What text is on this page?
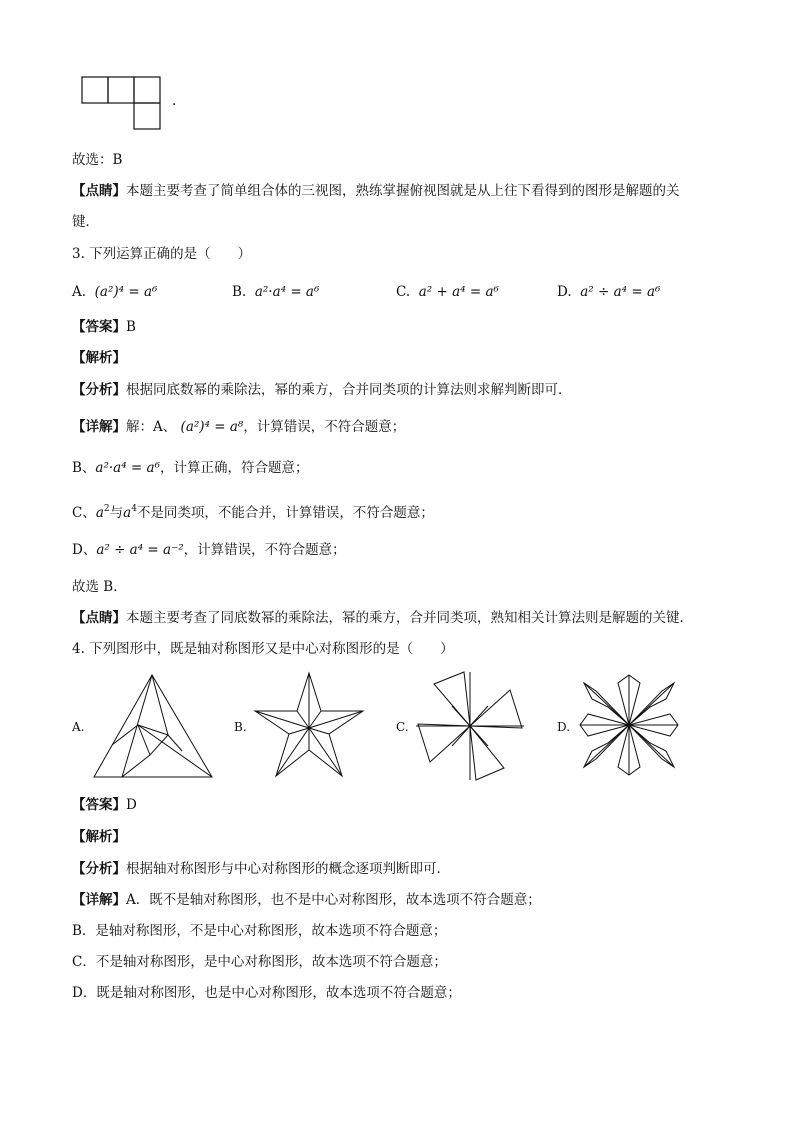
.
故选：B
【点睛】本题主要考查了简单组合体的三视图，熟练掌握俯视图就是从上往下看得到的图形是解题的关
键．
3. 下列运算正确的是（　　）
A. (a²)⁴ = a⁶	B. a²·a⁴ = a⁶	C. a² + a⁴ = a⁶	D. a² ÷ a⁴ = a⁶
【答案】B
【解析】
【分析】根据同底数幂的乘除法，幂的乘方，合并同类项的计算法则求解判断即可．
【详解】解：A、 (a²)⁴ = a⁸，计算错误，不符合题意；
B、a²·a⁴ = a⁶，计算正确，符合题意；
C、$a^2$与$a^4$不是同类项，不能合并，计算错误，不符合题意；
D、a² ÷ a⁴ = a⁻²，计算错误，不符合题意；
故选 B．
【点睛】本题主要考查了同底数幂的乘除法，幂的乘方，合并同类项，熟知相关计算法则是解题的关键．
4. 下列图形中，既是轴对称图形又是中心对称图形的是（　　）
A.	B.	C.	D.
【答案】D
【解析】
【分析】根据轴对称图形与中心对称图形的概念逐项判断即可．
【详解】A．既不是轴对称图形，也不是中心对称图形，故本选项不符合题意；
B．是轴对称图形，不是中心对称图形，故本选项不符合题意；
C．不是轴对称图形，是中心对称图形，故本选项不符合题意；
D．既是轴对称图形，也是中心对称图形，故本选项不符合题意；
